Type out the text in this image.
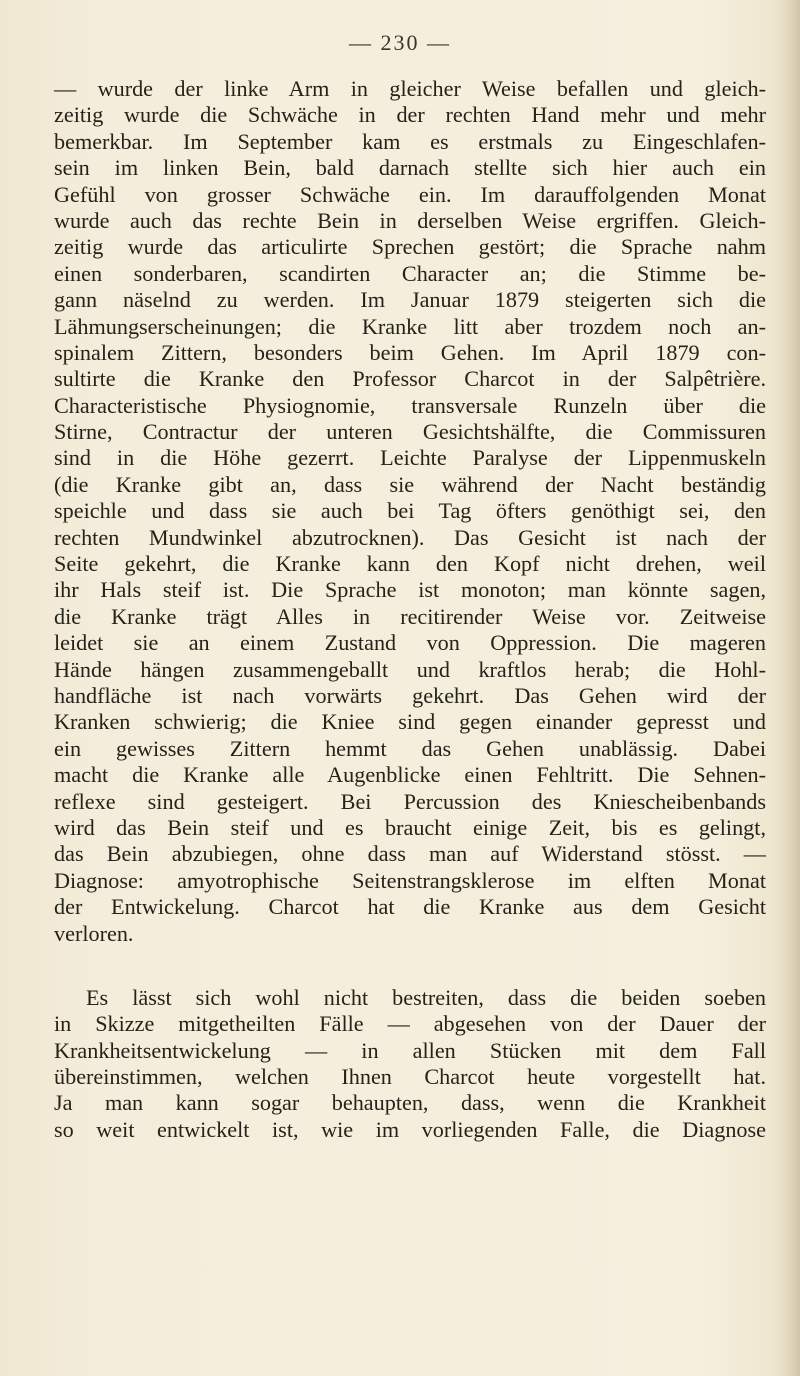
— 230 —
— wurde der linke Arm in gleicher Weise befallen und gleich-
zeitig wurde die Schwäche in der rechten Hand mehr und mehr
bemerkbar. Im September kam es erstmals zu Eingeschlafen-
sein im linken Bein, bald darnach stellte sich hier auch ein
Gefühl von grosser Schwäche ein. Im darauffolgenden Monat
wurde auch das rechte Bein in derselben Weise ergriffen. Gleich-
zeitig wurde das articulirte Sprechen gestört; die Sprache nahm
einen sonderbaren, scandirten Character an; die Stimme be-
gann näselnd zu werden. Im Januar 1879 steigerten sich die
Lähmungserscheinungen; die Kranke litt aber trozdem noch an-
spinalem Zittern, besonders beim Gehen. Im April 1879 con-
sultirte die Kranke den Professor Charcot in der Salpêtrière.
Characteristische Physiognomie, transversale Runzeln über die
Stirne, Contractur der unteren Gesichtshälfte, die Commissuren
sind in die Höhe gezerrt. Leichte Paralyse der Lippenmuskeln
(die Kranke gibt an, dass sie während der Nacht beständig
speichle und dass sie auch bei Tag öfters genöthigt sei, den
rechten Mundwinkel abzutrocknen). Das Gesicht ist nach der
Seite gekehrt, die Kranke kann den Kopf nicht drehen, weil
ihr Hals steif ist. Die Sprache ist monoton; man könnte sagen,
die Kranke trägt Alles in recitirender Weise vor. Zeitweise
leidet sie an einem Zustand von Oppression. Die mageren
Hände hängen zusammengeballt und kraftlos herab; die Hohl-
handfläche ist nach vorwärts gekehrt. Das Gehen wird der
Kranken schwierig; die Kniee sind gegen einander gepresst und
ein gewisses Zittern hemmt das Gehen unablässig. Dabei
macht die Kranke alle Augenblicke einen Fehltritt. Die Sehnen-
reflexe sind gesteigert. Bei Percussion des Kniescheibenbands
wird das Bein steif und es braucht einige Zeit, bis es gelingt,
das Bein abzubiegen, ohne dass man auf Widerstand stösst. —
Diagnose: amyotrophische Seitenstrangsklerose im elften Monat
der Entwickelung. Charcot hat die Kranke aus dem Gesicht
verloren.
Es lässt sich wohl nicht bestreiten, dass die beiden soeben
in Skizze mitgetheilten Fälle — abgesehen von der Dauer der
Krankheitsentwickelung — in allen Stücken mit dem Fall
übereinstimmen, welchen Ihnen Charcot heute vorgestellt hat.
Ja man kann sogar behaupten, dass, wenn die Krankheit
so weit entwickelt ist, wie im vorliegenden Falle, die Diagnose
